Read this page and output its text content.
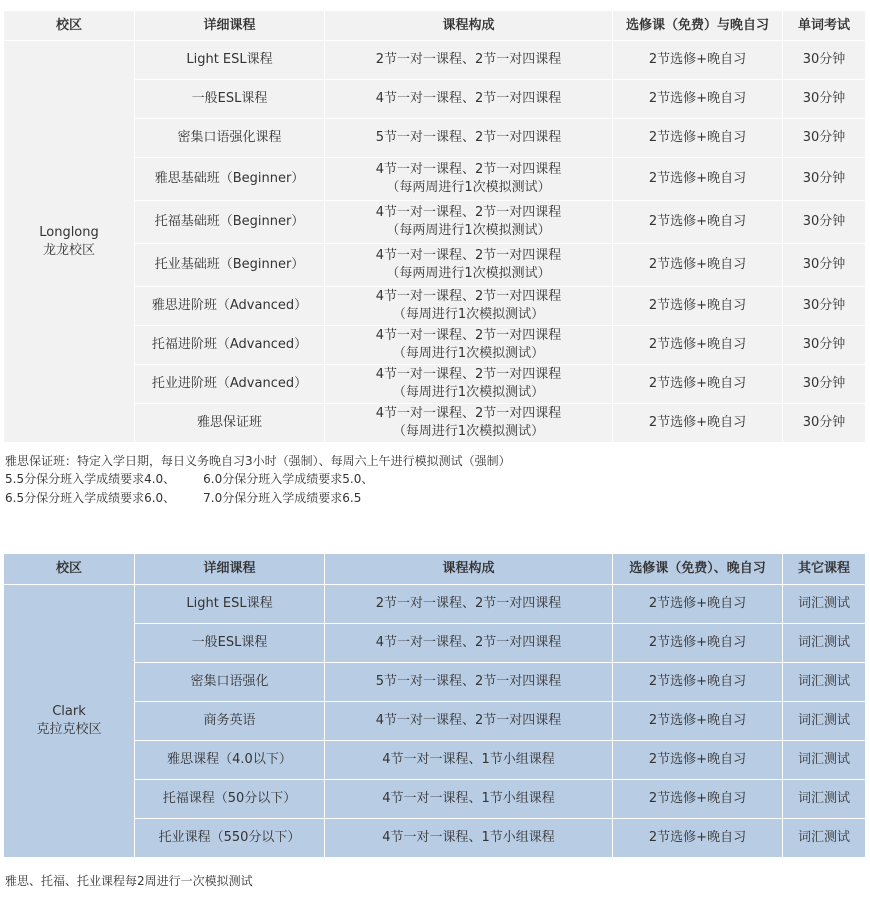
校区	详细课程	课程构成	选修课（免费）与晚自习	单词考试

Longlong
龙龙校区	Light ESL课程	2节一对一课程、2节一对四课程	2节选修+晚自习	30分钟
	一般ESL课程	4节一对一课程、2节一对四课程	2节选修+晚自习	30分钟
	密集口语强化课程	5节一对一课程、2节一对四课程	2节选修+晚自习	30分钟
	雅思基础班（Beginner）	4节一对一课程、2节一对四课程
（每两周进行1次模拟测试）	2节选修+晚自习	30分钟
	托福基础班（Beginner）	4节一对一课程、2节一对四课程
（每两周进行1次模拟测试）	2节选修+晚自习	30分钟
	托业基础班（Beginner）	4节一对一课程、2节一对四课程
（每两周进行1次模拟测试）	2节选修+晚自习	30分钟
	雅思进阶班（Advanced）	4节一对一课程、2节一对四课程
（每周进行1次模拟测试）	2节选修+晚自习	30分钟
	托福进阶班（Advanced）	4节一对一课程、2节一对四课程
（每周进行1次模拟测试）	2节选修+晚自习	30分钟
	托业进阶班（Advanced）	4节一对一课程、2节一对四课程
（每周进行1次模拟测试）	2节选修+晚自习	30分钟
	雅思保证班	4节一对一课程、2节一对四课程
（每周进行1次模拟测试）	2节选修+晚自习	30分钟
雅思保证班：特定入学日期，每日义务晚自习3小时（强制）、每周六上午进行模拟测试（强制）
5.5分保分班入学成绩要求4.0、 6.0分保分班入学成绩要求5.0、
6.5分保分班入学成绩要求6.0、 7.0分保分班入学成绩要求6.5
校区	详细课程	课程构成	选修课（免费）、晚自习	其它课程

Clark
克拉克校区	Light ESL课程	2节一对一课程、2节一对四课程	2节选修+晚自习	词汇测试
	一般ESL课程	4节一对一课程、2节一对四课程	2节选修+晚自习	词汇测试
	密集口语强化	5节一对一课程、2节一对四课程	2节选修+晚自习	词汇测试
	商务英语	4节一对一课程、2节一对四课程	2节选修+晚自习	词汇测试
	雅思课程（4.0以下）	4节一对一课程、1节小组课程	2节选修+晚自习	词汇测试
	托福课程（50分以下）	4节一对一课程、1节小组课程	2节选修+晚自习	词汇测试
	托业课程（550分以下）	4节一对一课程、1节小组课程	2节选修+晚自习	词汇测试
雅思、托福、托业课程每2周进行一次模拟测试
